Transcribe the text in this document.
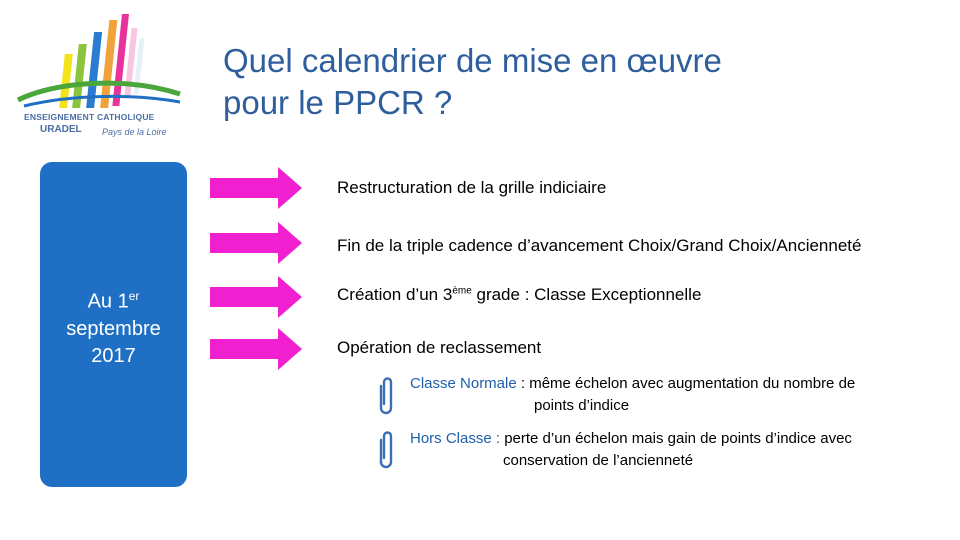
ENSEIGNEMENT CATHOLIQUE
URADEL Pays de la Loire
Quel calendrier de mise en œuvre
pour le PPCR ?
Au 1er
septembre
2017
Restructuration de la grille indiciaire
Fin de la triple cadence d’avancement Choix/Grand Choix/Ancienneté
Création d’un 3ème grade : Classe Exceptionnelle
Opération de reclassement
Classe Normale : même échelon avec augmentation du nombre de
points d’indice
Hors Classe : perte d’un échelon mais gain de points d’indice avec
conservation de l’ancienneté
